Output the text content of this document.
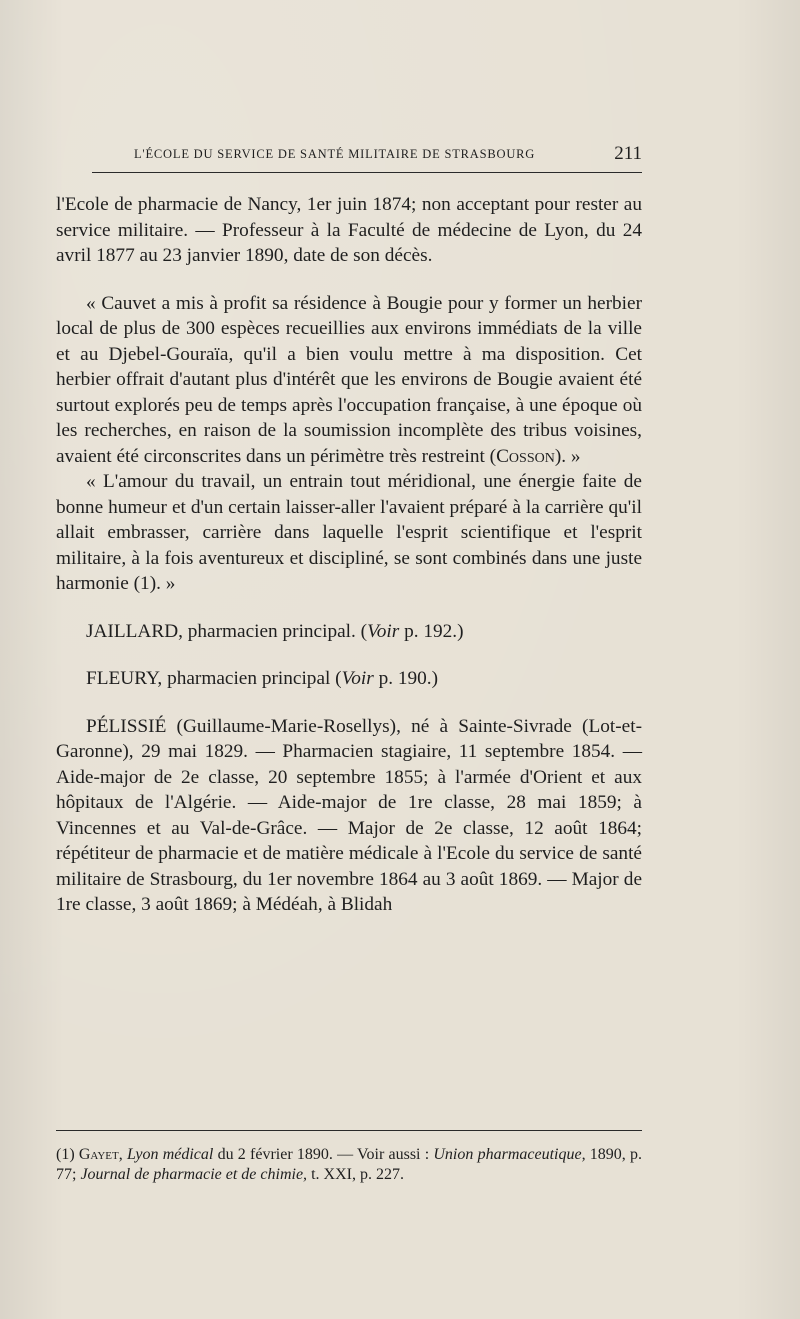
L'ÉCOLE DU SERVICE DE SANTÉ MILITAIRE DE STRASBOURG	211

l'Ecole de pharmacie de Nancy, 1er juin 1874; non acceptant pour rester au service militaire. — Professeur à la Faculté de médecine de Lyon, du 24 avril 1877 au 23 janvier 1890, date de son décès.

« Cauvet a mis à profit sa résidence à Bougie pour y former un herbier local de plus de 300 espèces recueillies aux environs immédiats de la ville et au Djebel-Gouraïa, qu'il a bien voulu mettre à ma disposition. Cet herbier offrait d'autant plus d'intérêt que les environs de Bougie avaient été surtout explorés peu de temps après l'occupation française, à une époque où les recherches, en raison de la soumission incomplète des tribus voisines, avaient été circonscrites dans un périmètre très restreint (Cosson). »

« L'amour du travail, un entrain tout méridional, une énergie faite de bonne humeur et d'un certain laisser-aller l'avaient préparé à la carrière qu'il allait embrasser, carrière dans laquelle l'esprit scientifique et l'esprit militaire, à la fois aventureux et discipliné, se sont combinés dans une juste harmonie (1). »

JAILLARD, pharmacien principal. (Voir p. 192.)

FLEURY, pharmacien principal (Voir p. 190.)

PÉLISSIÉ (Guillaume-Marie-Rosellys), né à Sainte-Sivrade (Lot-et-Garonne), 29 mai 1829. — Pharmacien stagiaire, 11 septembre 1854. — Aide-major de 2e classe, 20 septembre 1855; à l'armée d'Orient et aux hôpitaux de l'Algérie. — Aide-major de 1re classe, 28 mai 1859; à Vincennes et au Val-de-Grâce. — Major de 2e classe, 12 août 1864; répétiteur de pharmacie et de matière médicale à l'Ecole du service de santé militaire de Strasbourg, du 1er novembre 1864 au 3 août 1869. — Major de 1re classe, 3 août 1869; à Médéah, à Blidah

(1) Gayet, Lyon médical du 2 février 1890. — Voir aussi : Union pharmaceutique, 1890, p. 77; Journal de pharmacie et de chimie, t. XXI, p. 227.
